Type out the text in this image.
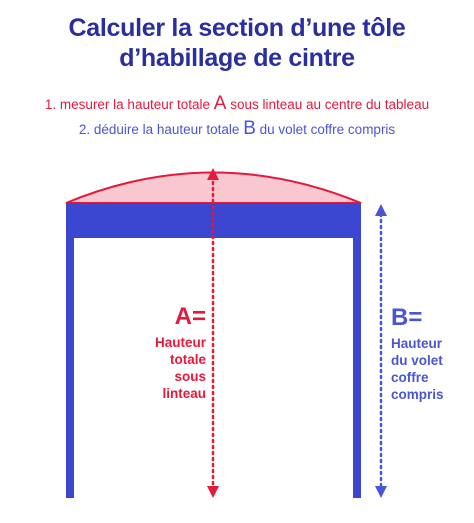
Calculer la section d’une tôle
d’habillage de cintre
1. mesurer la hauteur totale A sous linteau au centre du tableau
2. déduire la hauteur totale B du volet coffre compris
A=
Hauteur
totale
sous
linteau
B=
Hauteur
du volet
coffre
compris
